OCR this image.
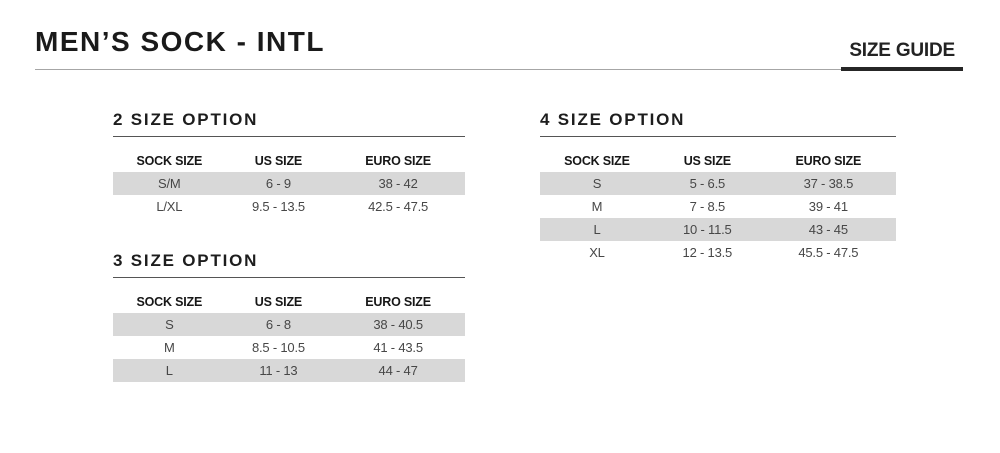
MEN’S SOCK - INTL	SIZE GUIDE
2 SIZE OPTION
SOCK SIZE	US SIZE	EURO SIZE
S/M	6 - 9	38 - 42
L/XL	9.5 - 13.5	42.5 - 47.5
3 SIZE OPTION
SOCK SIZE	US SIZE	EURO SIZE
S	6 - 8	38 - 40.5
M	8.5 - 10.5	41 - 43.5
L	11 - 13	44 - 47
4 SIZE OPTION
SOCK SIZE	US SIZE	EURO SIZE
S	5 - 6.5	37 - 38.5
M	7 - 8.5	39 - 41
L	10 - 11.5	43 - 45
XL	12 - 13.5	45.5 - 47.5
